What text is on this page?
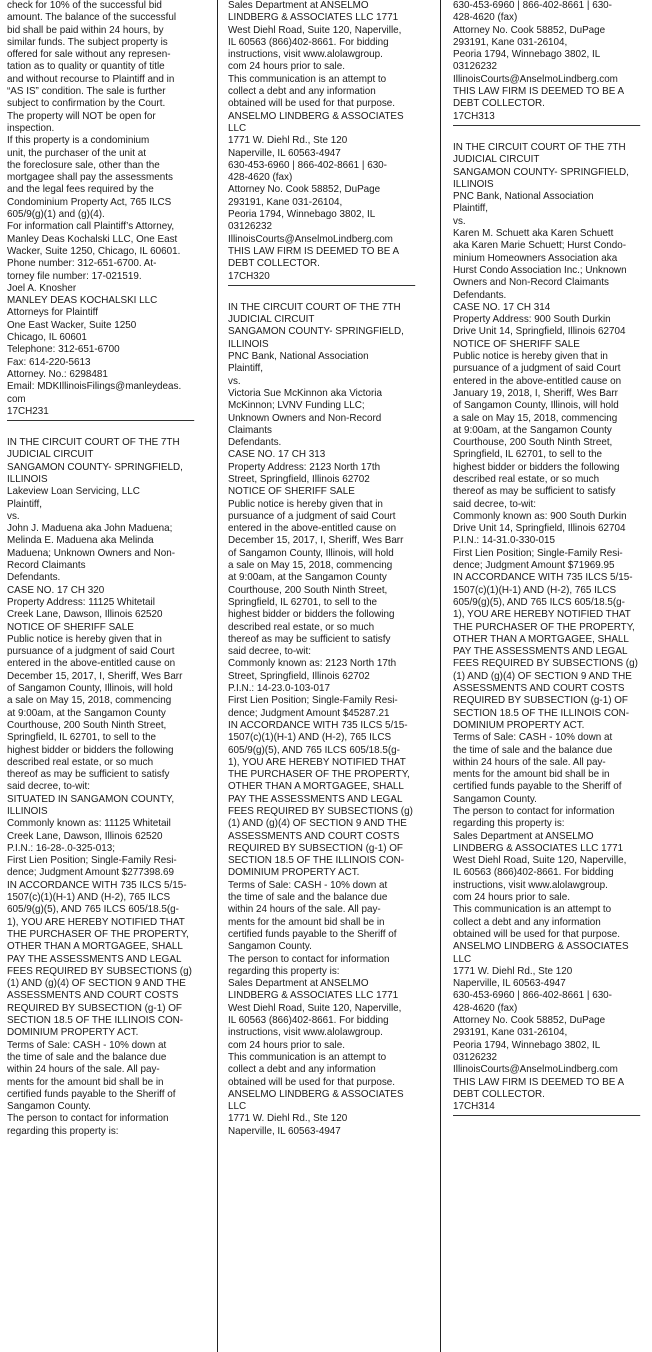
check for 10% of the successful bid
amount. The balance of the successful
bid shall be paid within 24 hours, by
similar funds. The subject property is
offered for sale without any represen-
tation as to quality or quantity of title
and without recourse to Plaintiff and in
“AS IS” condition. The sale is further
subject to confirmation by the Court.
The property will NOT be open for
inspection.
If this property is a condominium
unit, the purchaser of the unit at
the foreclosure sale, other than the
mortgagee shall pay the assessments
and the legal fees required by the
Condominium Property Act, 765 ILCS
605/9(g)(1) and (g)(4).
For information call Plaintiff’s Attorney,
Manley Deas Kochalski LLC, One East
Wacker, Suite 1250, Chicago, IL 60601.
Phone number: 312-651-6700. At-
torney file number: 17-021519.
Joel A. Knosher
MANLEY DEAS KOCHALSKI LLC
Attorneys for Plaintiff
One East Wacker, Suite 1250
Chicago, IL 60601
Telephone: 312-651-6700
Fax: 614-220-5613
Attorney. No.: 6298481
Email: MDKIllinoisFilings@manleydeas.
com
17CH231
IN THE CIRCUIT COURT OF THE 7TH
JUDICIAL CIRCUIT
SANGAMON COUNTY- SPRINGFIELD,
ILLINOIS
Lakeview Loan Servicing, LLC
Plaintiff,
vs.
John J. Maduena aka John Maduena;
Melinda E. Maduena aka Melinda
Maduena; Unknown Owners and Non-
Record Claimants
Defendants.
CASE NO. 17 CH 320
Property Address: 11125 Whitetail
Creek Lane, Dawson, Illinois 62520
NOTICE OF SHERIFF SALE
Public notice is hereby given that in
pursuance of a judgment of said Court
entered in the above-entitled cause on
December 15, 2017, I, Sheriff, Wes Barr
of Sangamon County, Illinois, will hold
a sale on May 15, 2018, commencing
at 9:00am, at the Sangamon County
Courthouse, 200 South Ninth Street,
Springfield, IL 62701, to sell to the
highest bidder or bidders the following
described real estate, or so much
thereof as may be sufficient to satisfy
said decree, to-wit:
SITUATED IN SANGAMON COUNTY,
ILLINOIS
Commonly known as: 11125 Whitetail
Creek Lane, Dawson, Illinois 62520
P.I.N.: 16-28-.0-325-013;
First Lien Position; Single-Family Resi-
dence; Judgment Amount $277398.69
IN ACCORDANCE WITH 735 ILCS 5/15-
1507(c)(1)(H-1) AND (H-2), 765 ILCS
605/9(g)(5), AND 765 ILCS 605/18.5(g-
1), YOU ARE HEREBY NOTIFIED THAT
THE PURCHASER OF THE PROPERTY,
OTHER THAN A MORTGAGEE, SHALL
PAY THE ASSESSMENTS AND LEGAL
FEES REQUIRED BY SUBSECTIONS (g)
(1) AND (g)(4) OF SECTION 9 AND THE
ASSESSMENTS AND COURT COSTS
REQUIRED BY SUBSECTION (g-1) OF
SECTION 18.5 OF THE ILLINOIS CON-
DOMINIUM PROPERTY ACT.
Terms of Sale: CASH - 10% down at
the time of sale and the balance due
within 24 hours of the sale. All pay-
ments for the amount bid shall be in
certified funds payable to the Sheriff of
Sangamon County.
The person to contact for information
regarding this property is:
Sales Department at ANSELMO
LINDBERG & ASSOCIATES LLC 1771
West Diehl Road, Suite 120, Naperville,
IL 60563 (866)402-8661. For bidding
instructions, visit www.alolawgroup.
com 24 hours prior to sale.
This communication is an attempt to
collect a debt and any information
obtained will be used for that purpose.
ANSELMO LINDBERG & ASSOCIATES
LLC
1771 W. Diehl Rd., Ste 120
Naperville, IL 60563-4947
630-453-6960 | 866-402-8661 | 630-
428-4620 (fax)
Attorney No. Cook 58852, DuPage
293191, Kane 031-26104,
Peoria 1794, Winnebago 3802, IL
03126232
IllinoisCourts@AnselmoLindberg.com
THIS LAW FIRM IS DEEMED TO BE A
DEBT COLLECTOR.
17CH320
IN THE CIRCUIT COURT OF THE 7TH
JUDICIAL CIRCUIT
SANGAMON COUNTY- SPRINGFIELD,
ILLINOIS
PNC Bank, National Association
Plaintiff,
vs.
Victoria Sue McKinnon aka Victoria
McKinnon; LVNV Funding LLC;
Unknown Owners and Non-Record
Claimants
Defendants.
CASE NO. 17 CH 313
Property Address: 2123 North 17th
Street, Springfield, Illinois 62702
NOTICE OF SHERIFF SALE
Public notice is hereby given that in
pursuance of a judgment of said Court
entered in the above-entitled cause on
December 15, 2017, I, Sheriff, Wes Barr
of Sangamon County, Illinois, will hold
a sale on May 15, 2018, commencing
at 9:00am, at the Sangamon County
Courthouse, 200 South Ninth Street,
Springfield, IL 62701, to sell to the
highest bidder or bidders the following
described real estate, or so much
thereof as may be sufficient to satisfy
said decree, to-wit:
Commonly known as: 2123 North 17th
Street, Springfield, Illinois 62702
P.I.N.: 14-23.0-103-017
First Lien Position; Single-Family Resi-
dence; Judgment Amount $45287.21
IN ACCORDANCE WITH 735 ILCS 5/15-
1507(c)(1)(H-1) AND (H-2), 765 ILCS
605/9(g)(5), AND 765 ILCS 605/18.5(g-
1), YOU ARE HEREBY NOTIFIED THAT
THE PURCHASER OF THE PROPERTY,
OTHER THAN A MORTGAGEE, SHALL
PAY THE ASSESSMENTS AND LEGAL
FEES REQUIRED BY SUBSECTIONS (g)
(1) AND (g)(4) OF SECTION 9 AND THE
ASSESSMENTS AND COURT COSTS
REQUIRED BY SUBSECTION (g-1) OF
SECTION 18.5 OF THE ILLINOIS CON-
DOMINIUM PROPERTY ACT.
Terms of Sale: CASH - 10% down at
the time of sale and the balance due
within 24 hours of the sale. All pay-
ments for the amount bid shall be in
certified funds payable to the Sheriff of
Sangamon County.
The person to contact for information
regarding this property is:
Sales Department at ANSELMO
LINDBERG & ASSOCIATES LLC 1771
West Diehl Road, Suite 120, Naperville,
IL 60563 (866)402-8661. For bidding
instructions, visit www.alolawgroup.
com 24 hours prior to sale.
This communication is an attempt to
collect a debt and any information
obtained will be used for that purpose.
ANSELMO LINDBERG & ASSOCIATES
LLC
1771 W. Diehl Rd., Ste 120
Naperville, IL 60563-4947
630-453-6960 | 866-402-8661 | 630-
428-4620 (fax)
Attorney No. Cook 58852, DuPage
293191, Kane 031-26104,
Peoria 1794, Winnebago 3802, IL
03126232
IllinoisCourts@AnselmoLindberg.com
THIS LAW FIRM IS DEEMED TO BE A
DEBT COLLECTOR.
17CH313
IN THE CIRCUIT COURT OF THE 7TH
JUDICIAL CIRCUIT
SANGAMON COUNTY- SPRINGFIELD,
ILLINOIS
PNC Bank, National Association
Plaintiff,
vs.
Karen M. Schuett aka Karen Schuett
aka Karen Marie Schuett; Hurst Condo-
minium Homeowners Association aka
Hurst Condo Association Inc.; Unknown
Owners and Non-Record Claimants
Defendants.
CASE NO. 17 CH 314
Property Address: 900 South Durkin
Drive Unit 14, Springfield, Illinois 62704
NOTICE OF SHERIFF SALE
Public notice is hereby given that in
pursuance of a judgment of said Court
entered in the above-entitled cause on
January 19, 2018, I, Sheriff, Wes Barr
of Sangamon County, Illinois, will hold
a sale on May 15, 2018, commencing
at 9:00am, at the Sangamon County
Courthouse, 200 South Ninth Street,
Springfield, IL 62701, to sell to the
highest bidder or bidders the following
described real estate, or so much
thereof as may be sufficient to satisfy
said decree, to-wit:
Commonly known as: 900 South Durkin
Drive Unit 14, Springfield, Illinois 62704
P.I.N.: 14-31.0-330-015
First Lien Position; Single-Family Resi-
dence; Judgment Amount $71969.95
IN ACCORDANCE WITH 735 ILCS 5/15-
1507(c)(1)(H-1) AND (H-2), 765 ILCS
605/9(g)(5), AND 765 ILCS 605/18.5(g-
1), YOU ARE HEREBY NOTIFIED THAT
THE PURCHASER OF THE PROPERTY,
OTHER THAN A MORTGAGEE, SHALL
PAY THE ASSESSMENTS AND LEGAL
FEES REQUIRED BY SUBSECTIONS (g)
(1) AND (g)(4) OF SECTION 9 AND THE
ASSESSMENTS AND COURT COSTS
REQUIRED BY SUBSECTION (g-1) OF
SECTION 18.5 OF THE ILLINOIS CON-
DOMINIUM PROPERTY ACT.
Terms of Sale: CASH - 10% down at
the time of sale and the balance due
within 24 hours of the sale. All pay-
ments for the amount bid shall be in
certified funds payable to the Sheriff of
Sangamon County.
The person to contact for information
regarding this property is:
Sales Department at ANSELMO
LINDBERG & ASSOCIATES LLC 1771
West Diehl Road, Suite 120, Naperville,
IL 60563 (866)402-8661. For bidding
instructions, visit www.alolawgroup.
com 24 hours prior to sale.
This communication is an attempt to
collect a debt and any information
obtained will be used for that purpose.
ANSELMO LINDBERG & ASSOCIATES
LLC
1771 W. Diehl Rd., Ste 120
Naperville, IL 60563-4947
630-453-6960 | 866-402-8661 | 630-
428-4620 (fax)
Attorney No. Cook 58852, DuPage
293191, Kane 031-26104,
Peoria 1794, Winnebago 3802, IL
03126232
IllinoisCourts@AnselmoLindberg.com
THIS LAW FIRM IS DEEMED TO BE A
DEBT COLLECTOR.
17CH314
